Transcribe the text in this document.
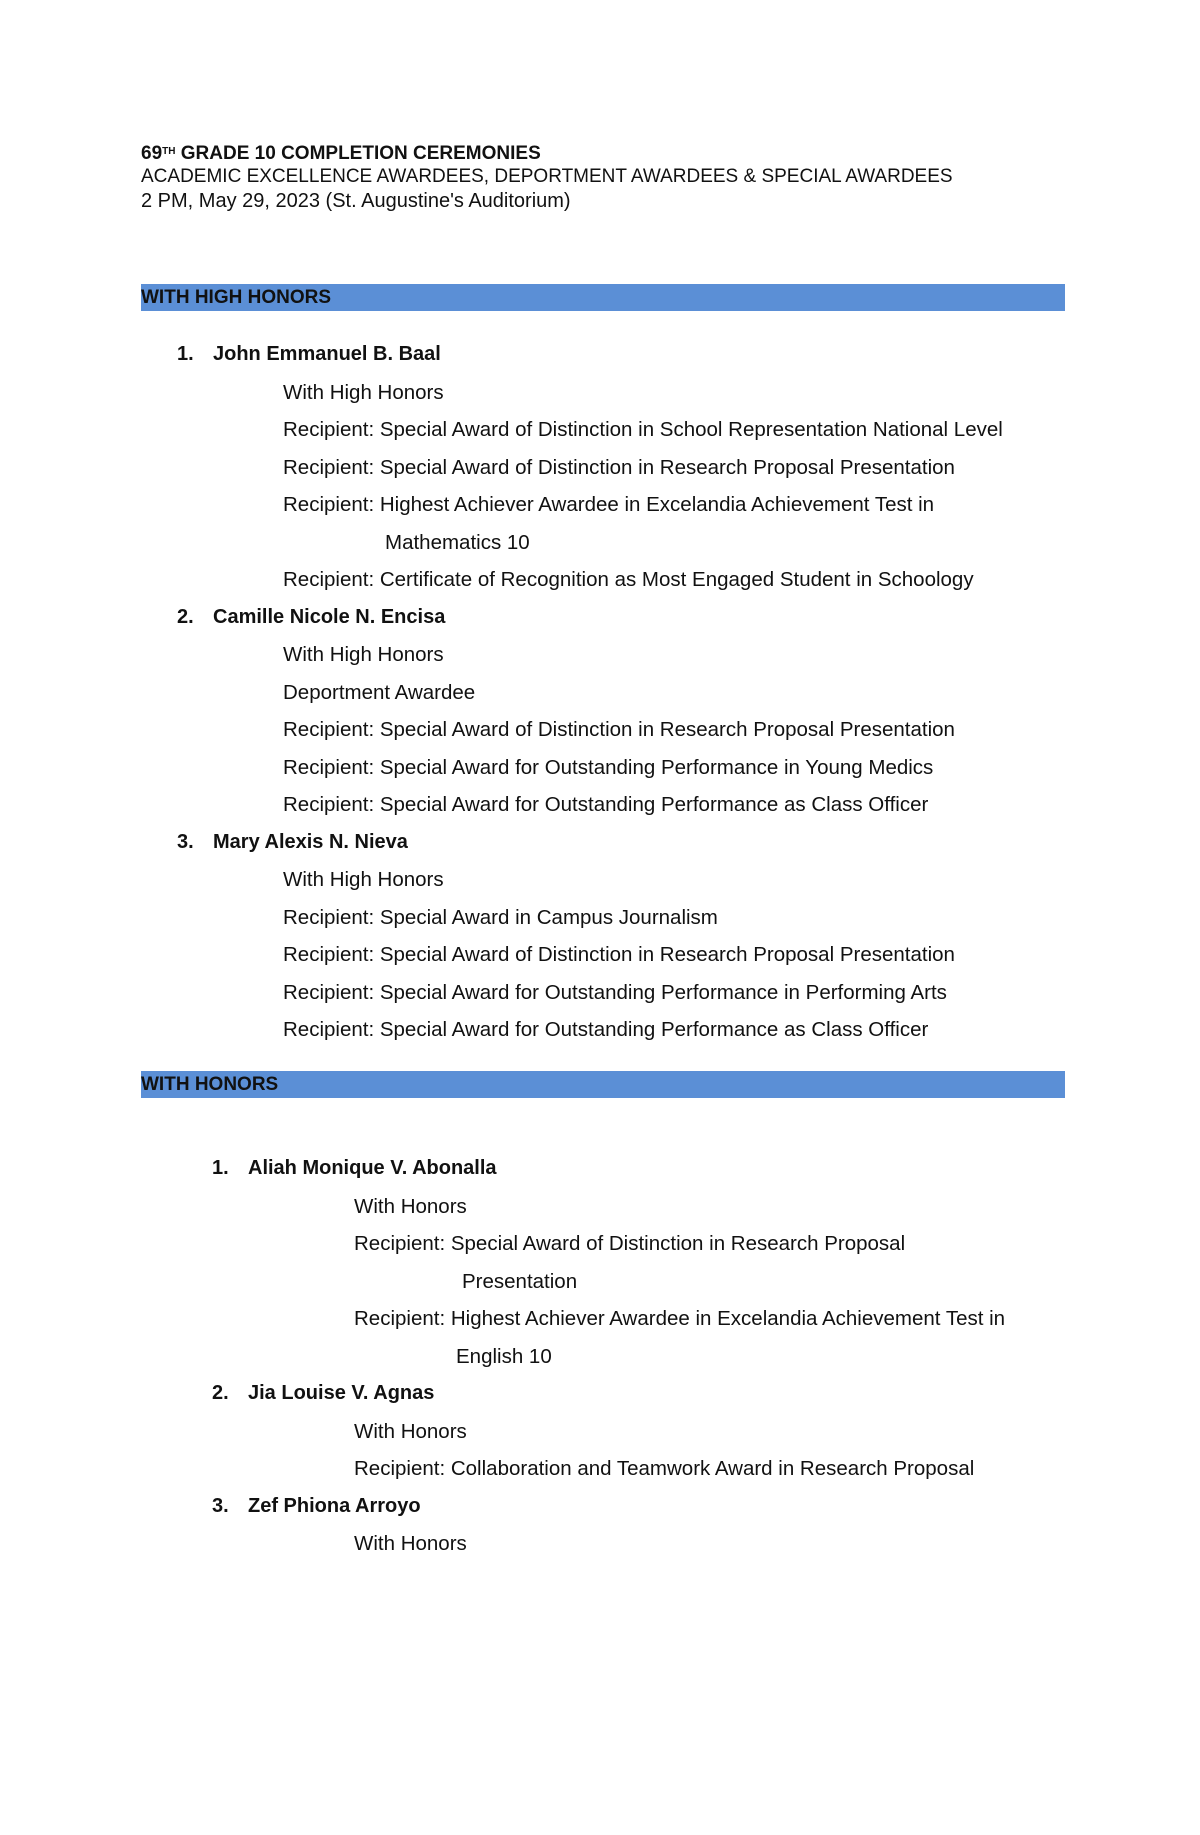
69TH GRADE 10 COMPLETION CEREMONIES
ACADEMIC EXCELLENCE AWARDEES, DEPORTMENT AWARDEES & SPECIAL AWARDEES
2 PM, May 29, 2023 (St. Augustine's Auditorium)
WITH HIGH HONORS
1. John Emmanuel B. Baal
With High Honors
Recipient: Special Award of Distinction in School Representation National Level
Recipient: Special Award of Distinction in Research Proposal Presentation
Recipient: Highest Achiever Awardee in Excelandia Achievement Test in
Mathematics 10
Recipient: Certificate of Recognition as Most Engaged Student in Schoology
2. Camille Nicole N. Encisa
With High Honors
Deportment Awardee
Recipient: Special Award of Distinction in Research Proposal Presentation
Recipient: Special Award for Outstanding Performance in Young Medics
Recipient: Special Award for Outstanding Performance as Class Officer
3. Mary Alexis N. Nieva
With High Honors
Recipient: Special Award in Campus Journalism
Recipient: Special Award of Distinction in Research Proposal Presentation
Recipient: Special Award for Outstanding Performance in Performing Arts
Recipient: Special Award for Outstanding Performance as Class Officer
WITH HONORS
1. Aliah Monique V. Abonalla
With Honors
Recipient: Special Award of Distinction in Research Proposal
Presentation
Recipient: Highest Achiever Awardee in Excelandia Achievement Test in
English 10
2. Jia Louise V. Agnas
With Honors
Recipient: Collaboration and Teamwork Award in Research Proposal
3. Zef Phiona Arroyo
With Honors
